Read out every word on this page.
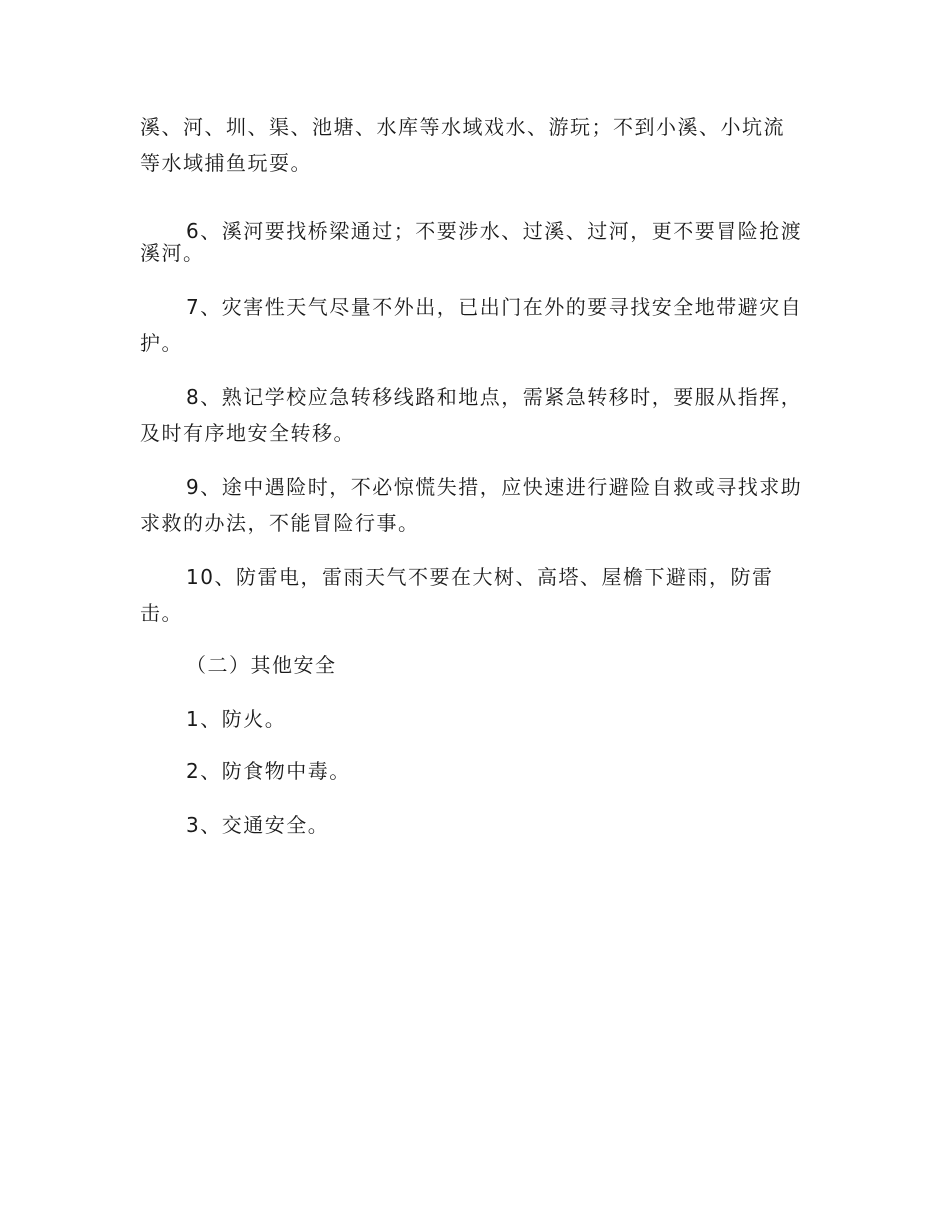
溪、河、圳、渠、池塘、水库等水域戏水、游玩；不到小溪、小坑流
等水域捕鱼玩耍。
6、溪河要找桥梁通过；不要涉水、过溪、过河，更不要冒险抢渡
溪河。
7、灾害性天气尽量不外出，已出门在外的要寻找安全地带避灾自
护。
8、熟记学校应急转移线路和地点，需紧急转移时，要服从指挥，
及时有序地安全转移。
9、途中遇险时，不必惊慌失措，应快速进行避险自救或寻找求助
求救的办法，不能冒险行事。
10、防雷电，雷雨天气不要在大树、高塔、屋檐下避雨，防雷
击。
（二）其他安全
1、防火。
2、防食物中毒。
3、交通安全。
